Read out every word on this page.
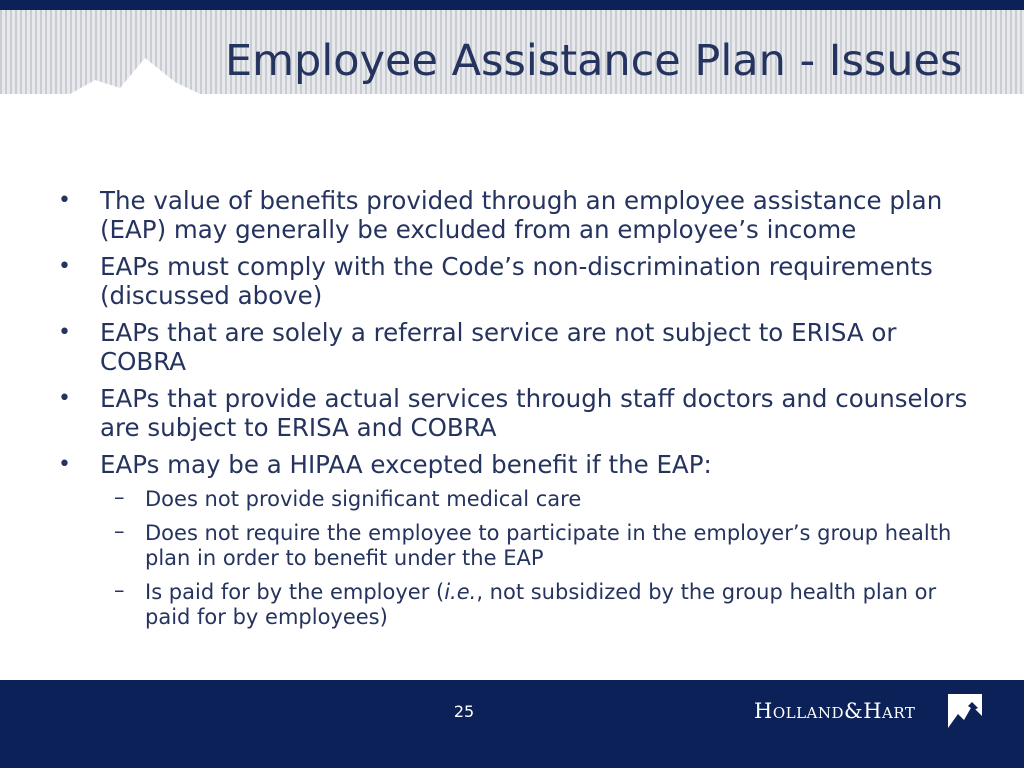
Employee Assistance Plan - Issues
• The value of benefits provided through an employee assistance plan (EAP) may generally be excluded from an employee’s income
• EAPs must comply with the Code’s non-discrimination requirements (discussed above)
• EAPs that are solely a referral service are not subject to ERISA or COBRA
• EAPs that provide actual services through staff doctors and counselors are subject to ERISA and COBRA
• EAPs may be a HIPAA excepted benefit if the EAP:
– Does not provide significant medical care
– Does not require the employee to participate in the employer’s group health plan in order to benefit under the EAP
– Is paid for by the employer (i.e., not subsidized by the group health plan or paid for by employees)
25	Holland&Hart
